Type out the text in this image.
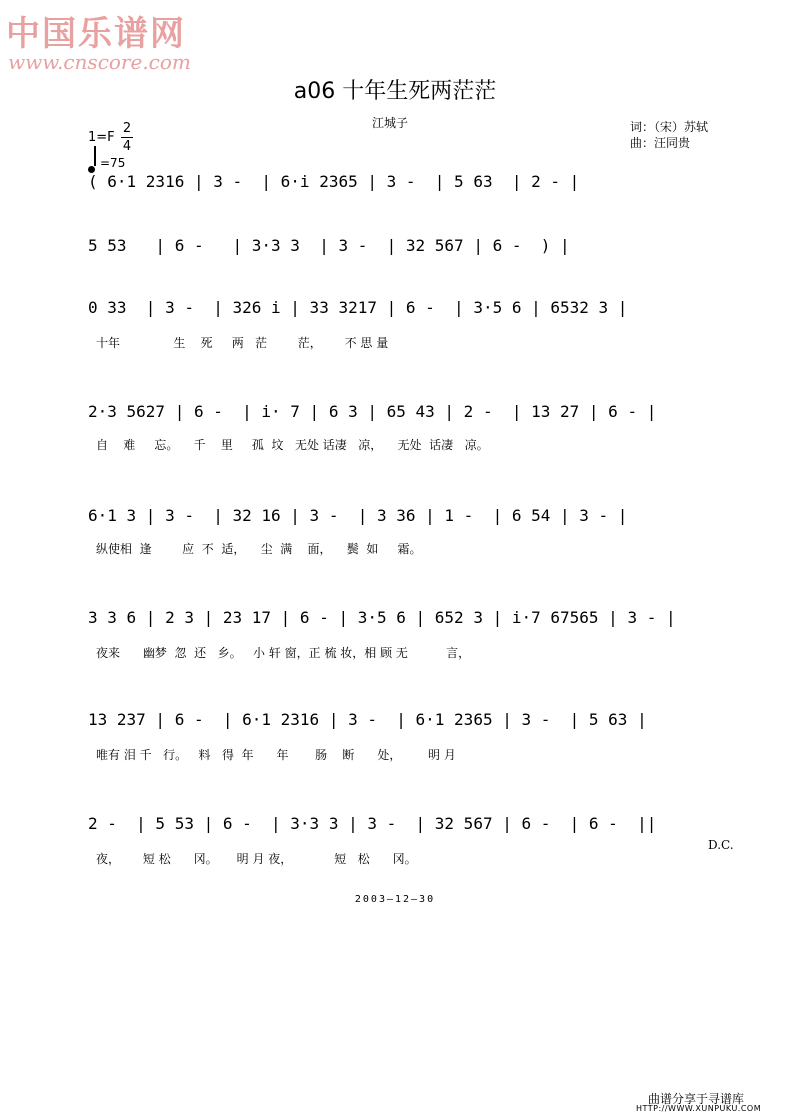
中国乐谱网
www.cnscore.com
a06 十年生死两茫茫
江城子	词：（宋）苏轼
曲：汪同贵
1=F
2
4
=75
( 6·1 2316 | 3 -  | 6·i 2365 | 3 -  | 5 63  | 2 - |
5 53   | 6 -   | 3·3 3  | 3 -  | 32 567 | 6 -  ) |
0 33  | 3 -  | 326 i | 33 3217 | 6 -  | 3·5 6 | 6532 3 |
十年              生    死     两   茫        茫，      不 思 量
2·3 5627 | 6 -  | i· 7 | 6 3 | 65 43 | 2 -  | 13 27 | 6 - |
自    难     忘。    千    里     孤  坟   无处 话凄   凉，    无处  话凄   凉。
6·1 3 | 3 -  | 32 16 | 3 -  | 3 36 | 1 -  | 6 54 | 3 - |
纵使相  逢        应  不  适，    尘  满    面，    鬓  如     霜。
3 3 6 | 2 3 | 23 17 | 6 - | 3·5 6 | 652 3 | i·7 67565 | 3 - |
夜来      幽梦  忽  还   乡。   小 轩 窗，正 梳 妆，相 顾 无          言，
13 237 | 6 -  | 6·1 2316 | 3 -  | 6·1 2365 | 3 -  | 5 63 |
唯有 泪 千   行。   料   得  年      年       肠    断      处，       明 月
2 -  | 5 53 | 6 -  | 3·3 3 | 3 -  | 32 567 | 6 -  | 6 -  ||
夜，      短 松      冈。     明 月 夜，           短   松      冈。
D.C.
2003—12—30
曲谱分享于寻谱库
HTTP://WWW.XUNPUKU.COM
